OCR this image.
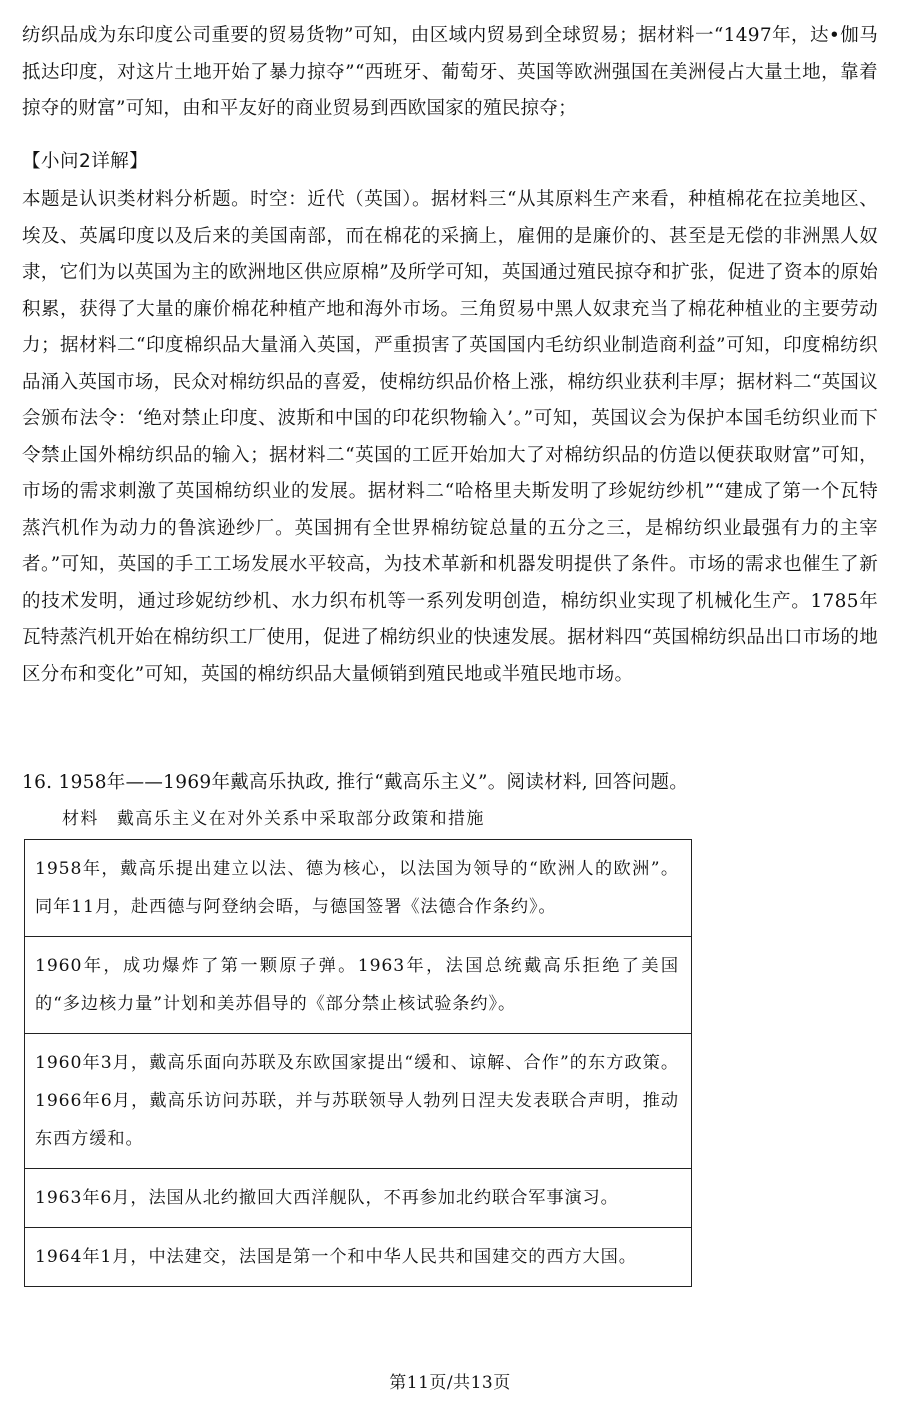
纺织品成为东印度公司重要的贸易货物”可知，由区域内贸易到全球贸易；据材料一“1497年，达•伽马抵达印度，对这片土地开始了暴力掠夺”“西班牙、葡萄牙、英国等欧洲强国在美洲侵占大量土地，靠着掠夺的财富”可知，由和平友好的商业贸易到西欧国家的殖民掠夺；
【小问2详解】
本题是认识类材料分析题。时空：近代（英国）。据材料三“从其原料生产来看，种植棉花在拉美地区、埃及、英属印度以及后来的美国南部，而在棉花的采摘上，雇佣的是廉价的、甚至是无偿的非洲黑人奴隶，它们为以英国为主的欧洲地区供应原棉”及所学可知，英国通过殖民掠夺和扩张，促进了资本的原始积累，获得了大量的廉价棉花种植产地和海外市场。三角贸易中黑人奴隶充当了棉花种植业的主要劳动力；据材料二“印度棉织品大量涌入英国，严重损害了英国国内毛纺织业制造商利益”可知，印度棉纺织品涌入英国市场，民众对棉纺织品的喜爱，使棉纺织品价格上涨，棉纺织业获利丰厚；据材料二“英国议会颁布法令：‘绝对禁止印度、波斯和中国的印花织物输入’。”可知，英国议会为保护本国毛纺织业而下令禁止国外棉纺织品的输入；据材料二“英国的工匠开始加大了对棉纺织品的仿造以便获取财富”可知，市场的需求刺激了英国棉纺织业的发展。据材料二“哈格里夫斯发明了珍妮纺纱机”“建成了第一个瓦特蒸汽机作为动力的鲁滨逊纱厂。英国拥有全世界棉纺锭总量的五分之三，是棉纺织业最强有力的主宰者。”可知，英国的手工工场发展水平较高，为技术革新和机器发明提供了条件。市场的需求也催生了新的技术发明，通过珍妮纺纱机、水力织布机等一系列发明创造，棉纺织业实现了机械化生产。1785年瓦特蒸汽机开始在棉纺织工厂使用，促进了棉纺织业的快速发展。据材料四“英国棉纺织品出口市场的地区分布和变化”可知，英国的棉纺织品大量倾销到殖民地或半殖民地市场。
16. 1958年——1969年戴高乐执政, 推行“戴高乐主义”。阅读材料, 回答问题。
材料 戴高乐主义在对外关系中采取部分政策和措施
1958年，戴高乐提出建立以法、德为核心，以法国为领导的“欧洲人的欧洲”。同年11月，赴西德与阿登纳会晤，与德国签署《法德合作条约》。
1960年，成功爆炸了第一颗原子弹。1963年，法国总统戴高乐拒绝了美国的“多边核力量”计划和美苏倡导的《部分禁止核试验条约》。
1960年3月，戴高乐面向苏联及东欧国家提出“缓和、谅解、合作”的东方政策。1966年6月，戴高乐访问苏联，并与苏联领导人勃列日涅夫发表联合声明，推动东西方缓和。
1963年6月，法国从北约撤回大西洋舰队，不再参加北约联合军事演习。
1964年1月，中法建交，法国是第一个和中华人民共和国建交的西方大国。
第11页/共13页
